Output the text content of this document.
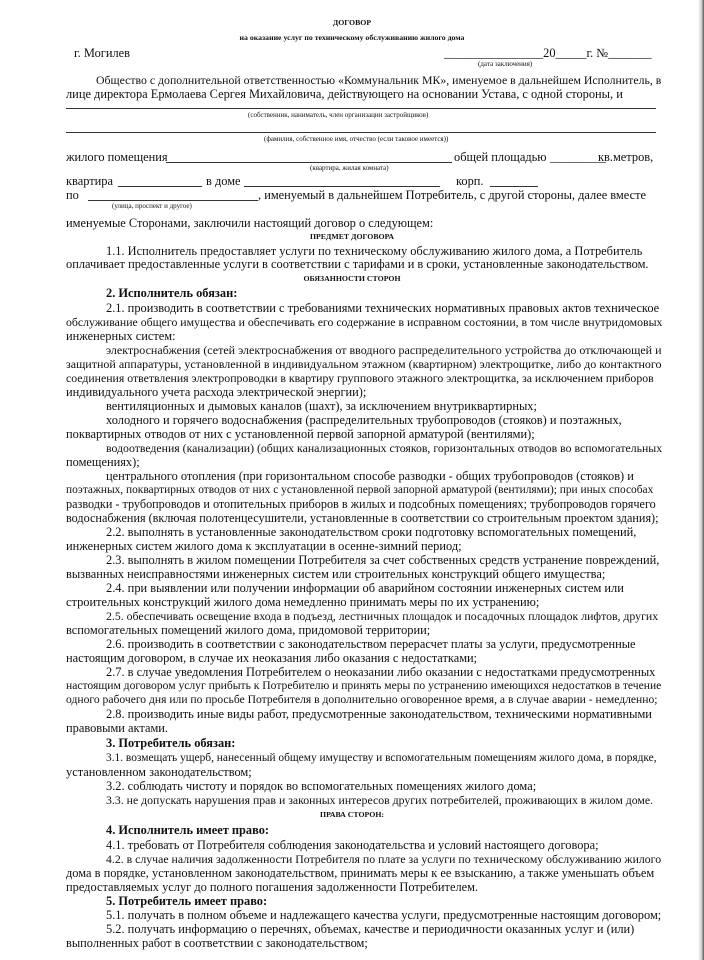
ДОГОВОР
на оказание услуг по техническому обслуживанию жилого дома
г. Могилев	________________20_____г. №_______
(дата заключения)
Общество с дополнительной ответственностью «Коммунальник МК», именуемое в дальнейшем Исполнитель, в
лице директора Ермолаева Сергея Михайловича, действующего на основании Устава, с одной стороны, и
(собственник, наниматель, член организации застройщиков)
(фамилия, собственное имя, отчество (если таковое имеется))
жилого помещения	общей площадью _________
кв.метров,
(квартира, жилая комната)
квартира	в доме	корп.
по	, именуемый в дальнейшем Потребитель, с другой стороны, далее вместе
(улица, проспект и другое)
именуемые Сторонами, заключили настоящий договор о следующем:
ПРЕДМЕТ ДОГОВОРА
1.1. Исполнитель предоставляет услуги по техническому обслуживанию жилого дома, а Потребитель
оплачивает предоставленные услуги в соответствии с тарифами и в сроки, установленные законодательством.
ОБЯЗАННОСТИ СТОРОН
2. Исполнитель обязан:
2.1. производить в соответствии с требованиями технических нормативных правовых актов техническое
обслуживание общего имущества и обеспечивать его содержание в исправном состоянии, в том числе внутридомовых
инженерных систем:
электроснабжения (сетей электроснабжения от вводного распределительного устройства до отключающей и
защитной аппаратуры, установленной в индивидуальном этажном (квартирном) электрощитке, либо до контактного
соединения ответвления электропроводки в квартиру группового этажного электрощитка, за исключением приборов
индивидуального учета расхода электрической энергии);
вентиляционных и дымовых каналов (шахт), за исключением внутриквартирных;
холодного и горячего водоснабжения (распределительных трубопроводов (стояков) и поэтажных,
поквартирных отводов от них с установленной первой запорной арматурой (вентилями);
водоотведения (канализации) (общих канализационных стояков, горизонтальных отводов во вспомогательных
помещениях);
центрального отопления (при горизонтальном способе разводки - общих трубопроводов (стояков) и
поэтажных, поквартирных отводов от них с установленной первой запорной арматурой (вентилями); при иных способах
разводки - трубопроводов и отопительных приборов в жилых и подсобных помещениях; трубопроводов горячего
водоснабжения (включая полотенцесушители, установленные в соответствии со строительным проектом здания);
2.2. выполнять в установленные законодательством сроки подготовку вспомогательных помещений,
инженерных систем жилого дома к эксплуатации в осенне-зимний период;
2.3. выполнять в жилом помещении Потребителя за счет собственных средств устранение повреждений,
вызванных неисправностями инженерных систем или строительных конструкций общего имущества;
2.4. при выявлении или получении информации об аварийном состоянии инженерных систем или
строительных конструкций жилого дома немедленно принимать меры по их устранению;
2.5. обеспечивать освещение входа в подъезд, лестничных площадок и посадочных площадок лифтов, других
вспомогательных помещений жилого дома, придомовой территории;
2.6. производить в соответствии с законодательством перерасчет платы за услуги, предусмотренные
настоящим договором, в случае их неоказания либо оказания с недостатками;
2.7. в случае уведомления Потребителем о неоказании либо оказании с недостатками предусмотренных
настоящим договором услуг прибыть к Потребителю и принять меры по устранению имеющихся недостатков в течение
одного рабочего дня или по просьбе Потребителя в дополнительно оговоренное время, а в случае аварии - немедленно;
2.8. производить иные виды работ, предусмотренные законодательством, техническими нормативными
правовыми актами.
3. Потребитель обязан:
3.1. возмещать ущерб, нанесенный общему имуществу и вспомогательным помещениям жилого дома, в порядке,
установленном законодательством;
3.2. соблюдать чистоту и порядок во вспомогательных помещениях жилого дома;
3.3. не допускать нарушения прав и законных интересов других потребителей, проживающих в жилом доме.
ПРАВА СТОРОН:
4. Исполнитель имеет право:
4.1. требовать от Потребителя соблюдения законодательства и условий настоящего договора;
4.2. в случае наличия задолженности Потребителя по плате за услуги по техническому обслуживанию жилого
дома в порядке, установленном законодательством, принимать меры к ее взысканию, а также уменьшать объем
предоставляемых услуг до полного погашения задолженности Потребителем.
5. Потребитель имеет право:
5.1. получать в полном объеме и надлежащего качества услуги, предусмотренные настоящим договором;
5.2. получать информацию о перечнях, объемах, качестве и периодичности оказанных услуг и (или)
выполненных работ в соответствии с законодательством;
